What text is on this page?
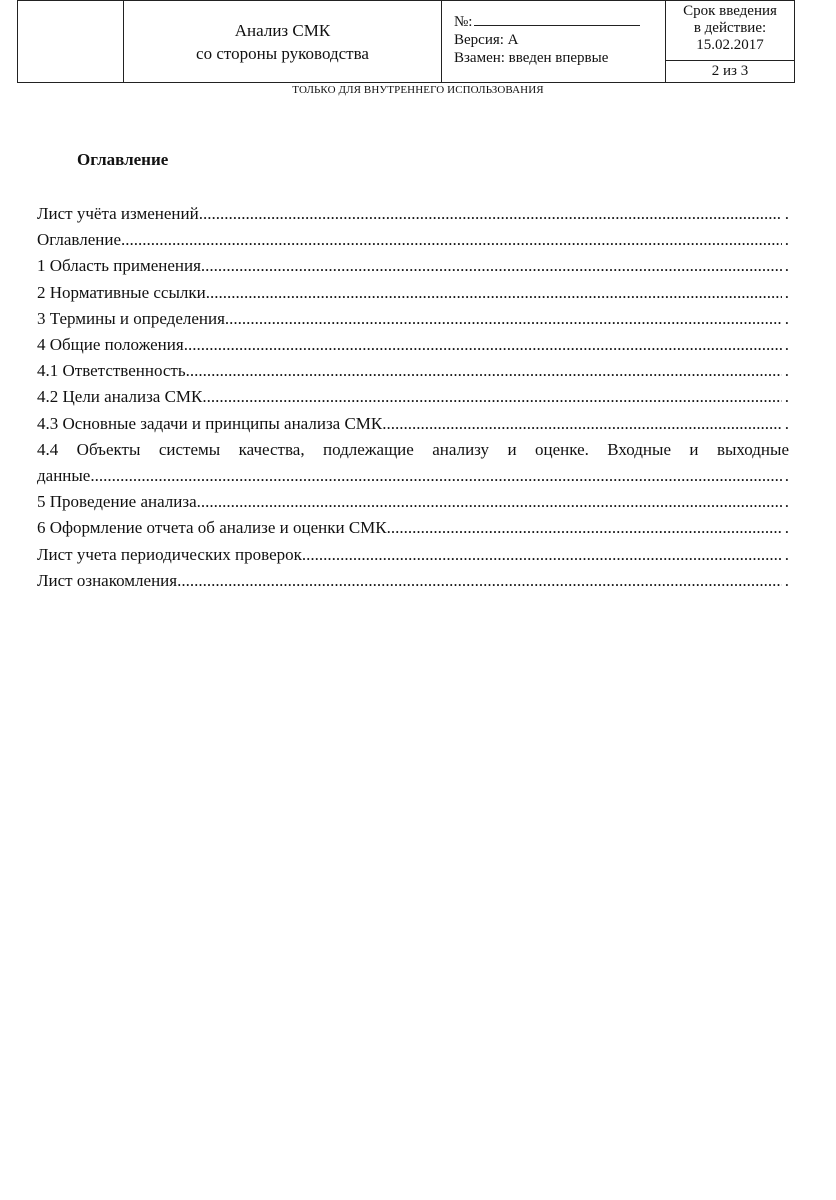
Анализ СМК
со стороны руководства

№:
Версия: А
Взамен: введен впервые

Срок введения
в действие:
15.02.2017
2 из 3
ТОЛЬКО ДЛЯ ВНУТРЕННЕГО ИСПОЛЬЗОВАНИЯ
Оглавление
Лист учёта изменений .....	.
Оглавление .....	.
1 Область применения .....	.
2 Нормативные ссылки .....	.
3 Термины и определения .....	.
4 Общие положения .....	.
4.1 Ответственность .....	.
4.2 Цели анализа СМК .....	.
4.3 Основные задачи и принципы анализа СМК .....	.
4.4 Объекты системы качества, подлежащие анализу и оценке. Входные и выходные
данные .....	.
5 Проведение анализа .....	.
6 Оформление отчета об анализе и оценки СМК .....	.
Лист учета периодических проверок .....	.
Лист ознакомления .....	.
